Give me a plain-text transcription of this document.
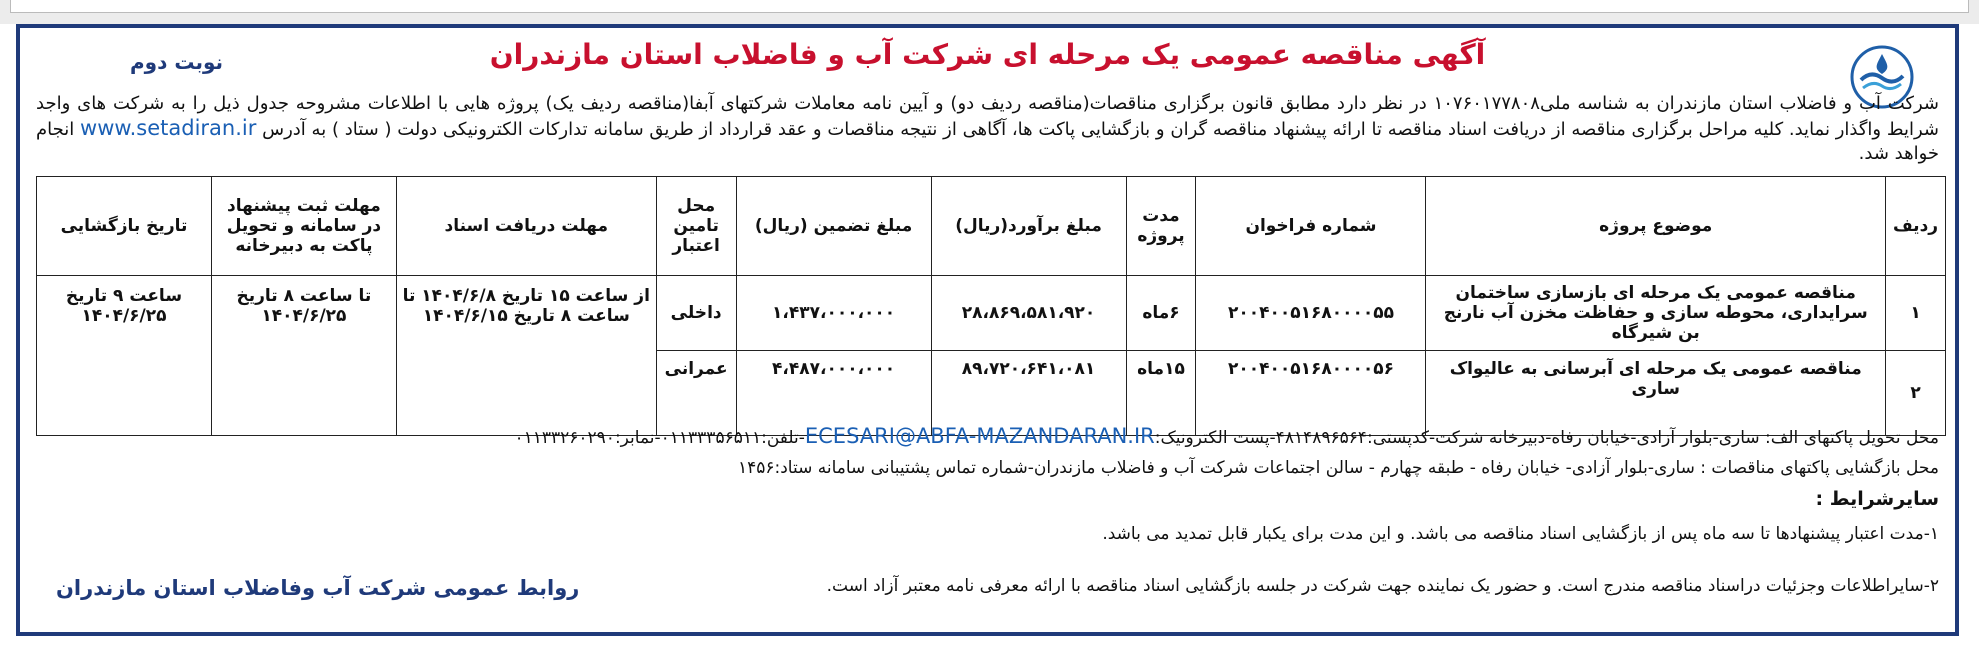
آگهی مناقصه عمومی یک مرحله ای شرکت آب و فاضلاب استان مازندران
نوبت دوم
شرکت آب و فاضلاب استان مازندران به شناسه ملی۱۰۷۶۰۱۷۷۸۰۸ در نظر دارد مطابق قانون برگزاری مناقصات(مناقصه ردیف دو) و آیین نامه معاملات شرکتهای آبفا(مناقصه ردیف یک) پروژه هایی با اطلاعات مشروحه جدول ذیل را به شرکت های واجد شرایط واگذار نماید. کلیه مراحل برگزاری مناقصه از دریافت اسناد مناقصه تا ارائه پیشنهاد مناقصه گران و بازگشایی پاکت ها، آگاهی از نتیجه مناقصات و عقد قرارداد از طریق سامانه تدارکات الکترونیکی دولت ( ستاد ) به آدرس www.setadiran.ir انجام خواهد شد.
ردیف	موضوع پروژه	شماره فراخوان	مدت پروژه	مبلغ برآورد(ریال)	مبلغ تضمین (ریال)	محل تامین اعتبار	مهلت دریافت اسناد	مهلت ثبت پیشنهاد در سامانه و تحویل پاکت به دبیرخانه	تاریخ بازگشایی
۱	مناقصه عمومی یک مرحله ای بازسازی ساختمان سرایداری، محوطه سازی و حفاظت مخزن آب نارنج بن شیرگاه	۲۰۰۴۰۰۵۱۶۸۰۰۰۰۵۵	۶ماه	۲۸،۸۶۹،۵۸۱،۹۲۰	۱،۴۳۷،۰۰۰،۰۰۰	داخلی	از ساعت ۱۵ تاریخ ۱۴۰۴/۶/۸ تا ساعت ۸ تاریخ ۱۴۰۴/۶/۱۵	تا ساعت ۸ تاریخ ۱۴۰۴/۶/۲۵	ساعت ۹ تاریخ ۱۴۰۴/۶/۲۵
۲	مناقصه عمومی یک مرحله ای آبرسانی به عالیواک ساری	۲۰۰۴۰۰۵۱۶۸۰۰۰۰۵۶	۱۵ماه	۸۹،۷۲۰،۶۴۱،۰۸۱	۴،۴۸۷،۰۰۰،۰۰۰	عمرانی			
محل تحویل پاکتهای الف: ساری-بلوار آزادی-خیابان رفاه-دبیرخانه شرکت-کدپستی:۴۸۱۴۸۹۶۵۶۴-پست الکترونیک:ECESARI@ABFA-MAZANDARAN.IR-تلفن:۰۱۱۳۳۳۵۶۵۱۱-نمابر:۰۱۱۳۳۲۶۰۲۹۰
محل بازگشایی پاکتهای مناقصات : ساری-بلوار آزادی- خیابان رفاه - طبقه چهارم - سالن اجتماعات شرکت آب و فاضلاب مازندران-شماره تماس پشتیبانی سامانه ستاد:۱۴۵۶
سایرشرایط :
۱-مدت اعتبار پیشنهادها تا سه ماه پس از بازگشایی اسناد مناقصه می باشد. و این مدت برای یکبار قابل تمدید می باشد.
۲-سایراطلاعات وجزئیات دراسناد مناقصه مندرج است. و حضور یک نماینده جهت شرکت در جلسه بازگشایی اسناد مناقصه با ارائه معرفی نامه معتبر آزاد است.
روابط عمومی شرکت آب وفاضلاب استان مازندران
